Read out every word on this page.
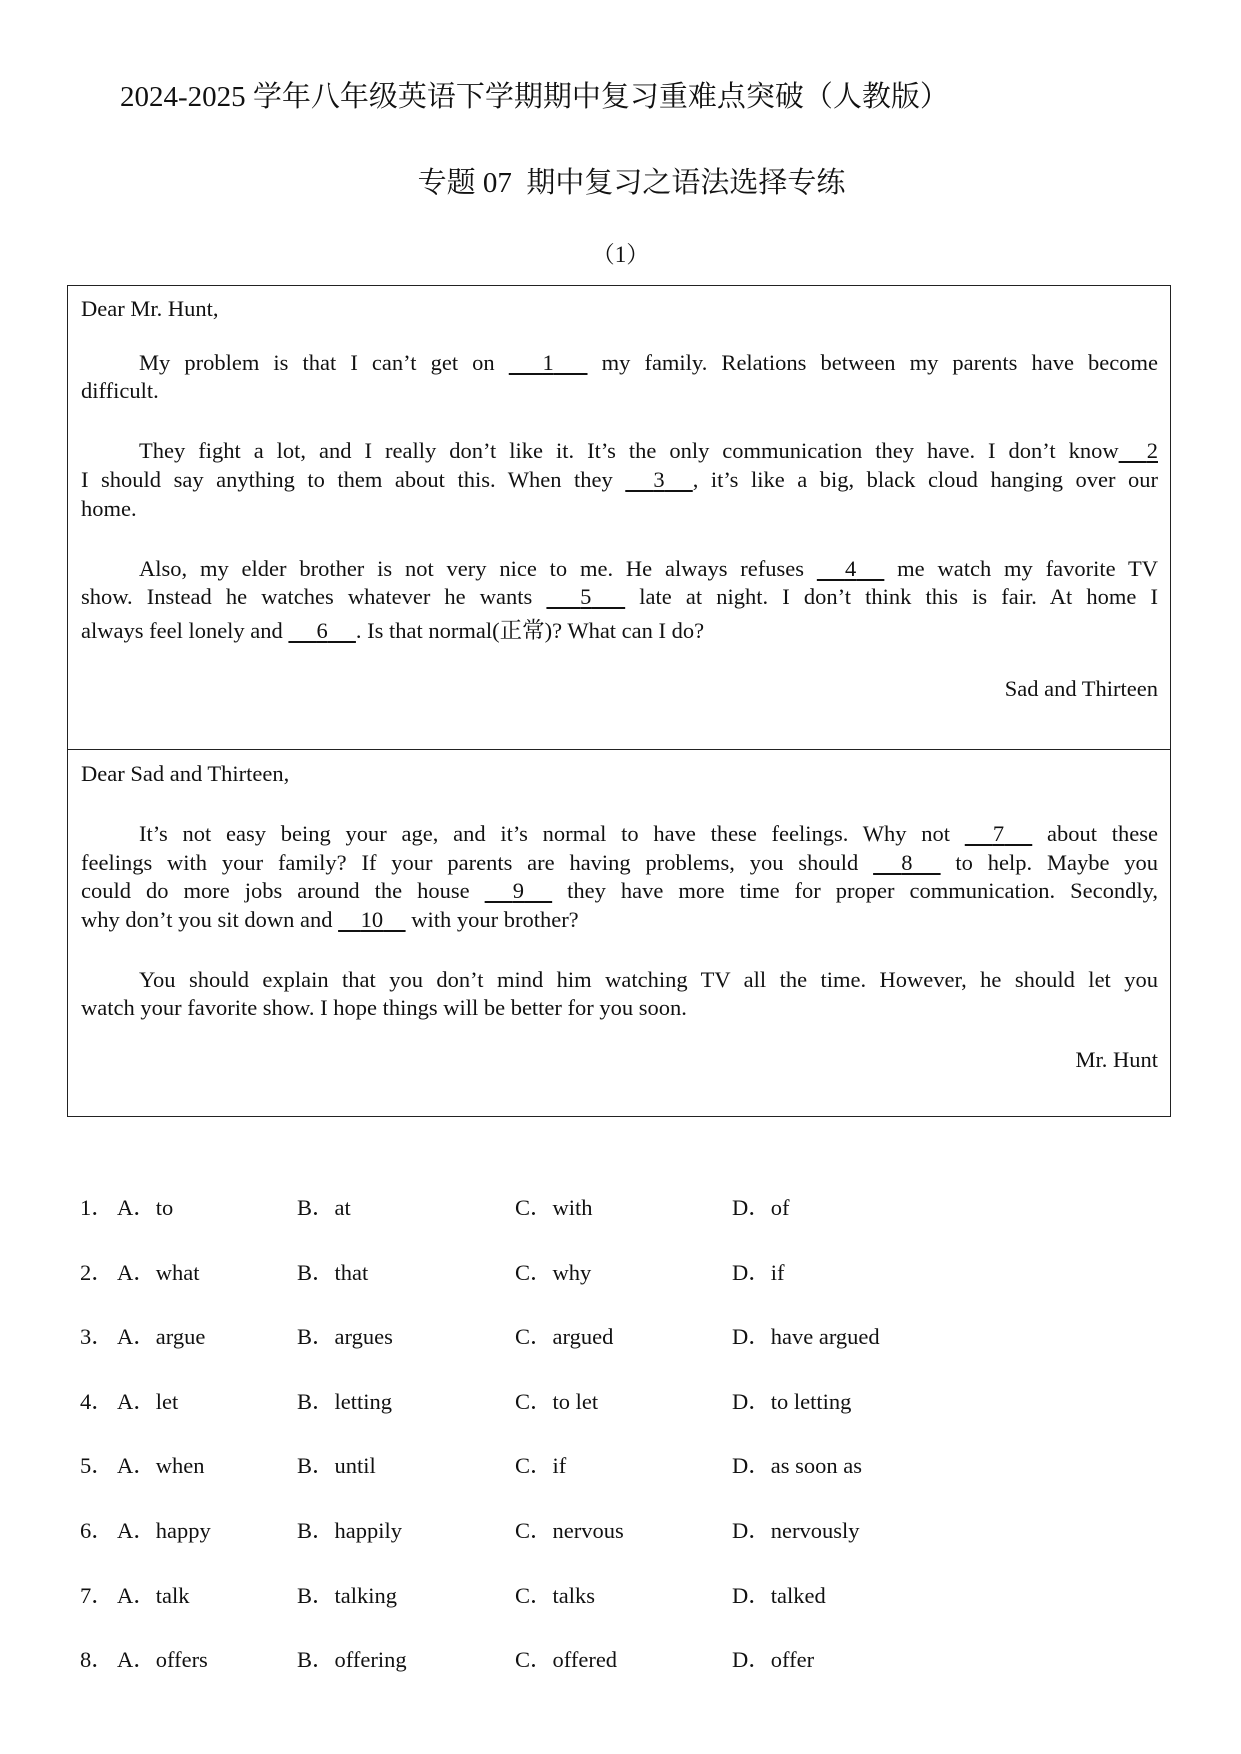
2024-2025 学年八年级英语下学期期中复习重难点突破（人教版）
专题 07 期中复习之语法选择专练
（1）
Dear Mr. Hunt,
My problem is that I can’t get on       1       my family. Relations between my parents have become
difficult.
They fight a lot, and I really don’t like it. It’s the only communication they have. I don’t know 2
I should say anything to them about this. When they      3 , it’s like a big, black cloud hanging over our
home.
Also, my elder brother is not very nice to me. He always refuses      4      me watch my favorite TV
show. Instead he watches whatever he wants       5       late at night. I don’t think this is fair. At home I
always feel lonely and      6 . Is that normal(正常)? What can I do?
Sad and Thirteen
Dear Sad and Thirteen,
It’s not easy being your age, and it’s normal to have these feelings. Why not      7      about these
feelings with your family? If your parents are having problems, you should      8      to help. Maybe you
could do more jobs around the house      9      they have more time for proper communication. Secondly,
why don’t you sit down and     10     with your brother?
You should explain that you don’t mind him watching TV all the time. However, he should let you
watch your favorite show. I hope things will be better for you soon.
Mr. Hunt
1． A．to	B．at	C．with	D．of
2． A．what	B．that	C．why	D．if
3． A．argue	B．argues	C．argued	D．have argued
4． A．let	B．letting	C．to let	D．to letting
5． A．when	B．until	C．if	D．as soon as
6． A．happy	B．happily	C．nervous	D．nervously
7． A．talk	B．talking	C．talks	D．talked
8． A．offers	B．offering	C．offered	D．offer
